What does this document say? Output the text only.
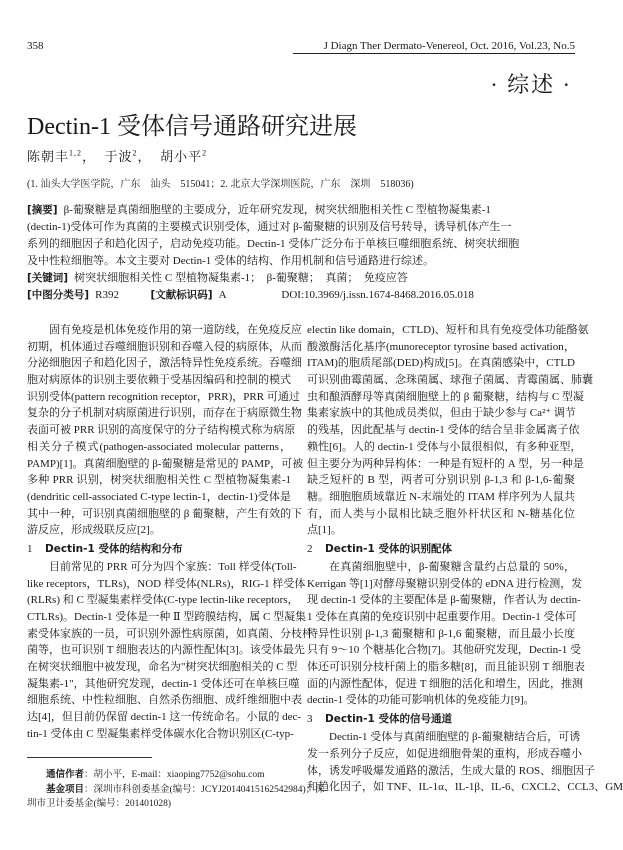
358	J Diagn Ther Dermato-Venereol, Oct. 2016, Vol.23, No.5
· 综述 ·
Dectin-1 受体信号通路研究进展
陈朝丰$^{1,2}$，  于波$^2$，  胡小平$^2$
(1. 汕头大学医学院，广东　汕头　515041；2. 北京大学深圳医院，广东　深圳　518036)
[摘要] β-葡聚糖是真菌细胞壁的主要成分，近年研究发现，树突状细胞相关性 C 型植物凝集素-1
(dectin-1)受体可作为真菌的主要模式识别受体，通过对 β-葡聚糖的识别及信号转导，诱导机体产生一
系列的细胞因子和趋化因子，启动免疫功能。Dectin-1 受体广泛分布于单核巨噬细胞系统、树突状细胞
及中性粒细胞等。本文主要对 Dectin-1 受体的结构、作用机制和信号通路进行综述。
[关键词] 树突状细胞相关性 C 型植物凝集素-1；　β-葡聚糖；　真菌；　免疫应答
[中图分类号] R392	[文献标识码] A	DOI:10.3969/j.issn.1674-8468.2016.05.018
固有免疫是机体免疫作用的第一道防线，在免疫反应
初期，机体通过吞噬细胞识别和吞噬入侵的病原体，从而
分泌细胞因子和趋化因子，激活特异性免疫系统。吞噬细
胞对病原体的识别主要依赖于受基因编码和控制的模式
识别受体(pattern recognition receptor，PRR)，PRR 可通过
复杂的分子机制对病原菌进行识别，而存在于病原微生物
表面可被 PRR 识别的高度保守的分子结构模式称为病原
相关分子模式(pathogen-associated molecular patterns，
PAMP)[1]。真菌细胞壁的 β-葡聚糖是常见的 PAMP，可被
多种 PRR 识别，树突状细胞相关性 C 型植物凝集素-1
(dendritic cell-associated C-type lectin-1，dectin-1)受体是
其中一种，可识别真菌细胞壁的 β 葡聚糖，产生有效的下
游反应，形成级联反应[2]。
1 Dectin-1 受体的结构和分布
目前常见的 PRR 可分为四个家族：Toll 样受体(Toll-
like receptors，TLRs)，NOD 样受体(NLRs)，RIG-1 样受体
(RLRs) 和 C 型凝集素样受体(C-type lectin-like receptors，
CTLRs)。Dectin-1 受体是一种 Ⅱ 型跨膜结构，属 C 型凝集
素受体家族的一员，可识别外源性病原菌，如真菌、分枝杆
菌等，也可识别 T 细胞表达的内源性配体[3]。该受体最先
在树突状细胞中被发现，命名为"树突状细胞相关的 C 型
凝集素-1"，其他研究发现，dectin-1 受体还可在单核巨噬
细胞系统、中性粒细胞、自然杀伤细胞、成纤维细胞中表
达[4]，但目前仍保留 dectin-1 这一传统命名。小鼠的 dec-
tin-1 受体由 C 型凝集素样受体碳水化合物识别区(C-typ-
electin like domain，CTLD)、短杆和具有免疫受体功能酪氨
酸激酶活化基序(munoreceptor tyrosine based activation，
ITAM)的胞质尾部(DED)构成[5]。在真菌感染中，CTLD
可识别曲霉菌属、念珠菌属、球孢子菌属、青霉菌属、肺囊
虫和酿酒酵母等真菌细胞壁上的 β 葡聚糖，结构与 C 型凝
集素家族中的其他成员类似，但由于缺少参与 Ca²⁺ 调节
的残基，因此配基与 dectin-1 受体的结合呈非金属离子依
赖性[6]。人的 dectin-1 受体与小鼠很相似，有多种亚型，
但主要分为两种异构体：一种是有短杆的 A 型，另一种是
缺乏短杆的 B 型，两者可分别识别 β-1,3 和 β-1,6-葡聚
糖。细胞胞质域靠近 N-末端处的 ITAM 样序列为人鼠共
有，而人类与小鼠相比缺乏胞外杆状区和 N-糖基化位
点[1]。
2 Dectin-1 受体的识别配体
在真菌细胞壁中，β-葡聚糖含量约占总量的 50%，
Kerrigan 等[1]对酵母聚糖识别受体的 eDNA 进行检测，发
现 dectin-1 受体的主要配体是 β-葡聚糖，作者认为 dectin-
1 受体在真菌的免疫识别中起重要作用。Dectin-1 受体可
特异性识别 β-1,3 葡聚糖和 β-1,6 葡聚糖，而且最小长度
只有 9～10 个糖基化合物[7]。其他研究发现，Dectin-1 受
体还可识别分枝杆菌上的脂多糖[8]，而且能识别 T 细胞表
面的内源性配体，促进 T 细胞的活化和增生，因此，推测
dectin-1 受体的功能可影响机体的免疫能力[9]。
3 Dectin-1 受体的信号通道
Dectin-1 受体与真菌细胞壁的 β-葡聚糖结合后，可诱
发一系列分子反应，如促进细胞骨架的重构，形成吞噬小
体，诱发呼吸爆发通路的激活，生成大量的 ROS、细胞因子
和趋化因子，如 TNF、IL-1α、IL-1β、IL-6、CXCL2、CCL3、GM
通信作者：胡小平，E-mail：xiaoping7752@sohu.com
基金项目：深圳市科创委基金(编号：JCYJ20140415162542984)；深
圳市卫计委基金(编号：201401028)
